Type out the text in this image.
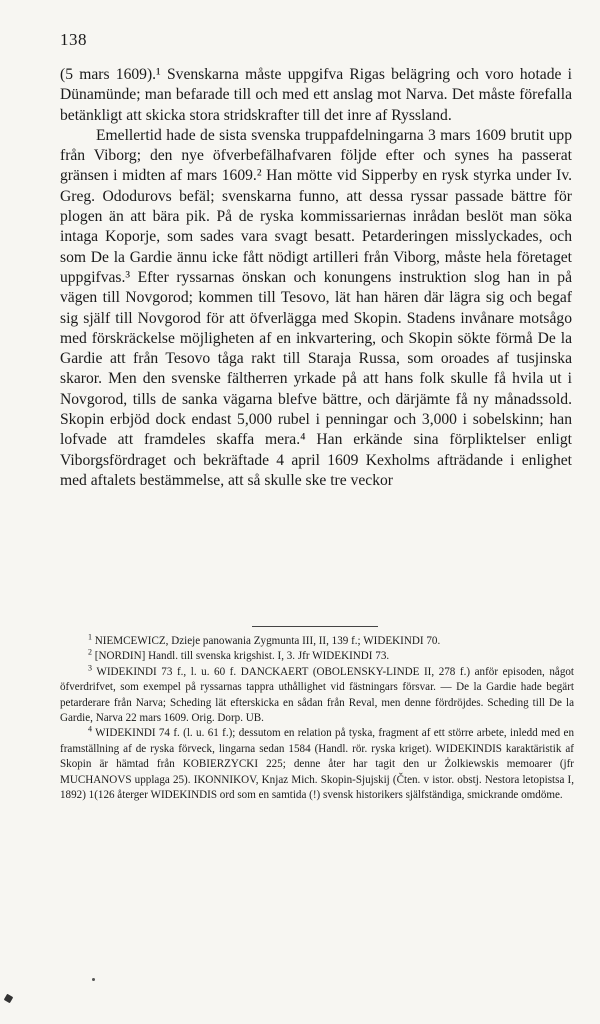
138

(5 mars 1609).¹ Svenskarna måste uppgifva Rigas belägring och voro hotade i Dünamünde; man befarade till och med ett anslag mot Narva. Det måste förefalla betänkligt att skicka stora stridskrafter till det inre af Ryssland.

Emellertid hade de sista svenska truppafdelningarna 3 mars 1609 brutit upp från Viborg; den nye öfverbefälhafvaren följde efter och synes ha passerat gränsen i midten af mars 1609.² Han mötte vid Sipperby en rysk styrka under Iv. Greg. Ododurovs befäl; svenskarna funno, att dessa ryssar passade bättre för plogen än att bära pik. På de ryska kommissariernas inrådan beslöt man söka intaga Koporje, som sades vara svagt besatt. Petarderingen misslyckades, och som De la Gardie ännu icke fått nödigt artilleri från Viborg, måste hela företaget uppgifvas.³ Efter ryssarnas önskan och konungens instruktion slog han in på vägen till Novgorod; kommen till Tesovo, lät han hären där lägra sig och begaf sig själf till Novgorod för att öfverlägga med Skopin. Stadens invånare motsågo med förskräckelse möjligheten af en inkvartering, och Skopin sökte förmå De la Gardie att från Tesovo tåga rakt till Staraja Russa, som oroades af tusjinska skaror. Men den svenske fältherren yrkade på att hans folk skulle få hvila ut i Novgorod, tills de sanka vägarna blefve bättre, och därjämte få ny månadssold. Skopin erbjöd dock endast 5,000 rubel i penningar och 3,000 i sobelskinn; han lofvade att framdeles skaffa mera.⁴ Han erkände sina förpliktelser enligt Viborgsfördraget och bekräftade 4 april 1609 Kexholms afträdande i enlighet med aftalets bestämmelse, att så skulle ske tre veckor

$^1$ NIEMCEWICZ, Dzieje panowania Zygmunta III, II, 139 f.; WIDEKINDI 70.

$^2$ [NORDIN] Handl. till svenska krigshist. I, 3. Jfr WIDEKINDI 73.

$^3$ WIDEKINDI 73 f., l. u. 60 f. DANCKAERT (OBOLENSKY-LINDE II, 278 f.) anför episoden, något öfverdrifvet, som exempel på ryssarnas tappra uthållighet vid fästningars försvar. — De la Gardie hade begärt petarderare från Narva; Scheding lät efterskicka en sådan från Reval, men denne fördröjdes. Scheding till De la Gardie, Narva 22 mars 1609. Orig. Dorp. UB.

$^4$ WIDEKINDI 74 f. (l. u. 61 f.); dessutom en relation på tyska, fragment af ett större arbete, inledd med en framställning af de ryska förveck, lingarna sedan 1584 (Handl. rör. ryska kriget). WIDEKINDIS karaktäristik af Skopin är hämtad från KOBIERZYCKI 225; denne åter har tagit den ur Żolkiewskis memoarer (jfr MUCHANOVS upplaga 25). IKONNIKOV, Knjaz Mich. Skopin-Sjujskij (Čten. v istor. obstj. Nestora letopistsa I, 1892) 1(126 återger WIDEKINDIS ord som en samtida (!) svensk historikers själfständiga, smickrande omdöme.
